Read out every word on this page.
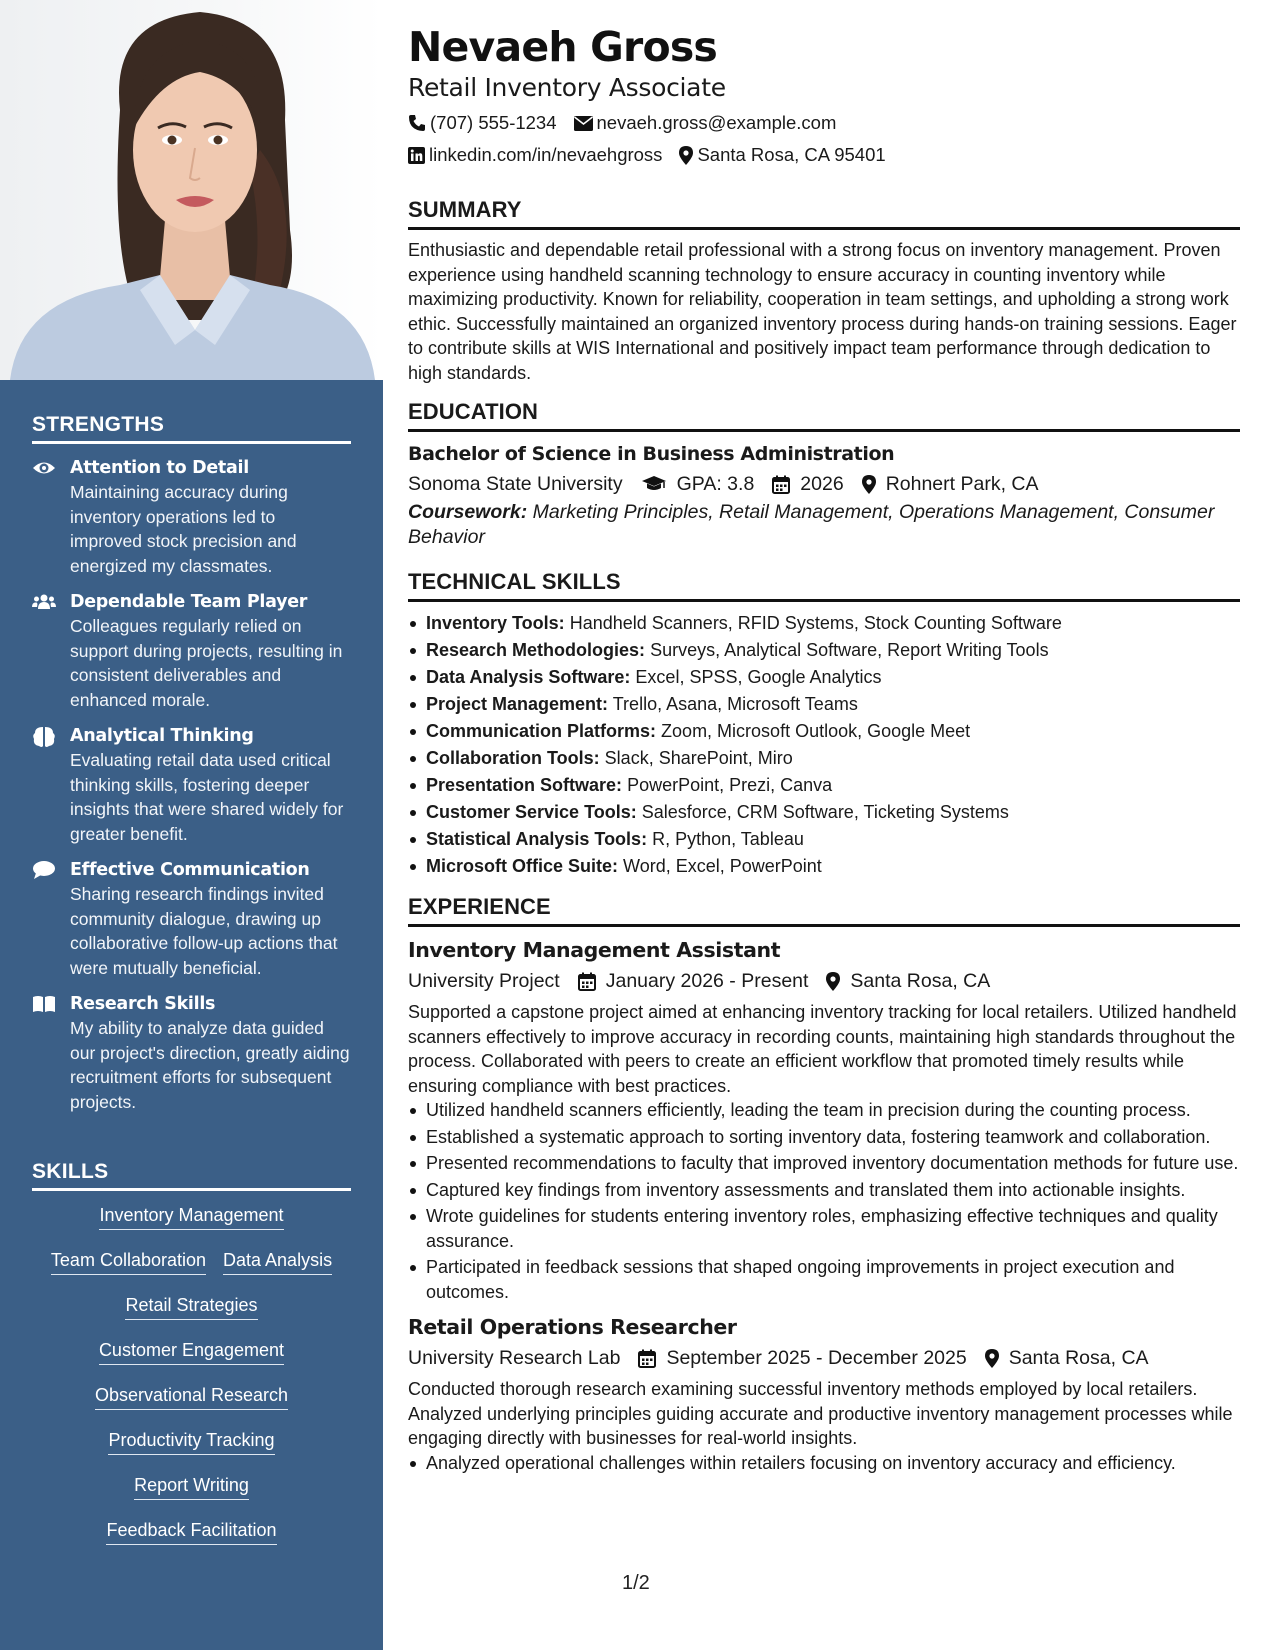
STRENGTHS
Attention to Detail
Maintaining accuracy during inventory operations led to improved stock precision and energized my classmates.
Dependable Team Player
Colleagues regularly relied on support during projects, resulting in consistent deliverables and enhanced morale.
Analytical Thinking
Evaluating retail data used critical thinking skills, fostering deeper insights that were shared widely for greater benefit.
Effective Communication
Sharing research findings invited community dialogue, drawing up collaborative follow-up actions that were mutually beneficial.
Research Skills
My ability to analyze data guided our project's direction, greatly aiding recruitment efforts for subsequent projects.
SKILLS
Inventory Management
Team Collaboration Data Analysis
Retail Strategies
Customer Engagement
Observational Research
Productivity Tracking
Report Writing
Feedback Facilitation
Nevaeh Gross
Retail Inventory Associate
(707) 555-1234 nevaeh.gross@example.com
linkedin.com/in/nevaehgross Santa Rosa, CA 95401
SUMMARY
Enthusiastic and dependable retail professional with a strong focus on inventory management. Proven experience using handheld scanning technology to ensure accuracy in counting inventory while maximizing productivity. Known for reliability, cooperation in team settings, and upholding a strong work ethic. Successfully maintained an organized inventory process during hands-on training sessions. Eager to contribute skills at WIS International and positively impact team performance through dedication to high standards.
EDUCATION
Bachelor of Science in Business Administration
Sonoma State University	GPA: 3.8 2026 Rohnert Park, CA
Coursework: Marketing Principles, Retail Management, Operations Management, Consumer Behavior
TECHNICAL SKILLS
Inventory Tools: Handheld Scanners, RFID Systems, Stock Counting Software
Research Methodologies: Surveys, Analytical Software, Report Writing Tools
Data Analysis Software: Excel, SPSS, Google Analytics
Project Management: Trello, Asana, Microsoft Teams
Communication Platforms: Zoom, Microsoft Outlook, Google Meet
Collaboration Tools: Slack, SharePoint, Miro
Presentation Software: PowerPoint, Prezi, Canva
Customer Service Tools: Salesforce, CRM Software, Ticketing Systems
Statistical Analysis Tools: R, Python, Tableau
Microsoft Office Suite: Word, Excel, PowerPoint
EXPERIENCE
Inventory Management Assistant
University Project January 2026 - Present Santa Rosa, CA
Supported a capstone project aimed at enhancing inventory tracking for local retailers. Utilized handheld scanners effectively to improve accuracy in recording counts, maintaining high standards throughout the process. Collaborated with peers to create an efficient workflow that promoted timely results while ensuring compliance with best practices.
Utilized handheld scanners efficiently, leading the team in precision during the counting process.
Established a systematic approach to sorting inventory data, fostering teamwork and collaboration.
Presented recommendations to faculty that improved inventory documentation methods for future use.
Captured key findings from inventory assessments and translated them into actionable insights.
Wrote guidelines for students entering inventory roles, emphasizing effective techniques and quality assurance.
Participated in feedback sessions that shaped ongoing improvements in project execution and outcomes.
Retail Operations Researcher
University Research Lab September 2025 - December 2025 Santa Rosa, CA
Conducted thorough research examining successful inventory methods employed by local retailers. Analyzed underlying principles guiding accurate and productive inventory management processes while engaging directly with businesses for real-world insights.
Analyzed operational challenges within retailers focusing on inventory accuracy and efficiency.
1/2
